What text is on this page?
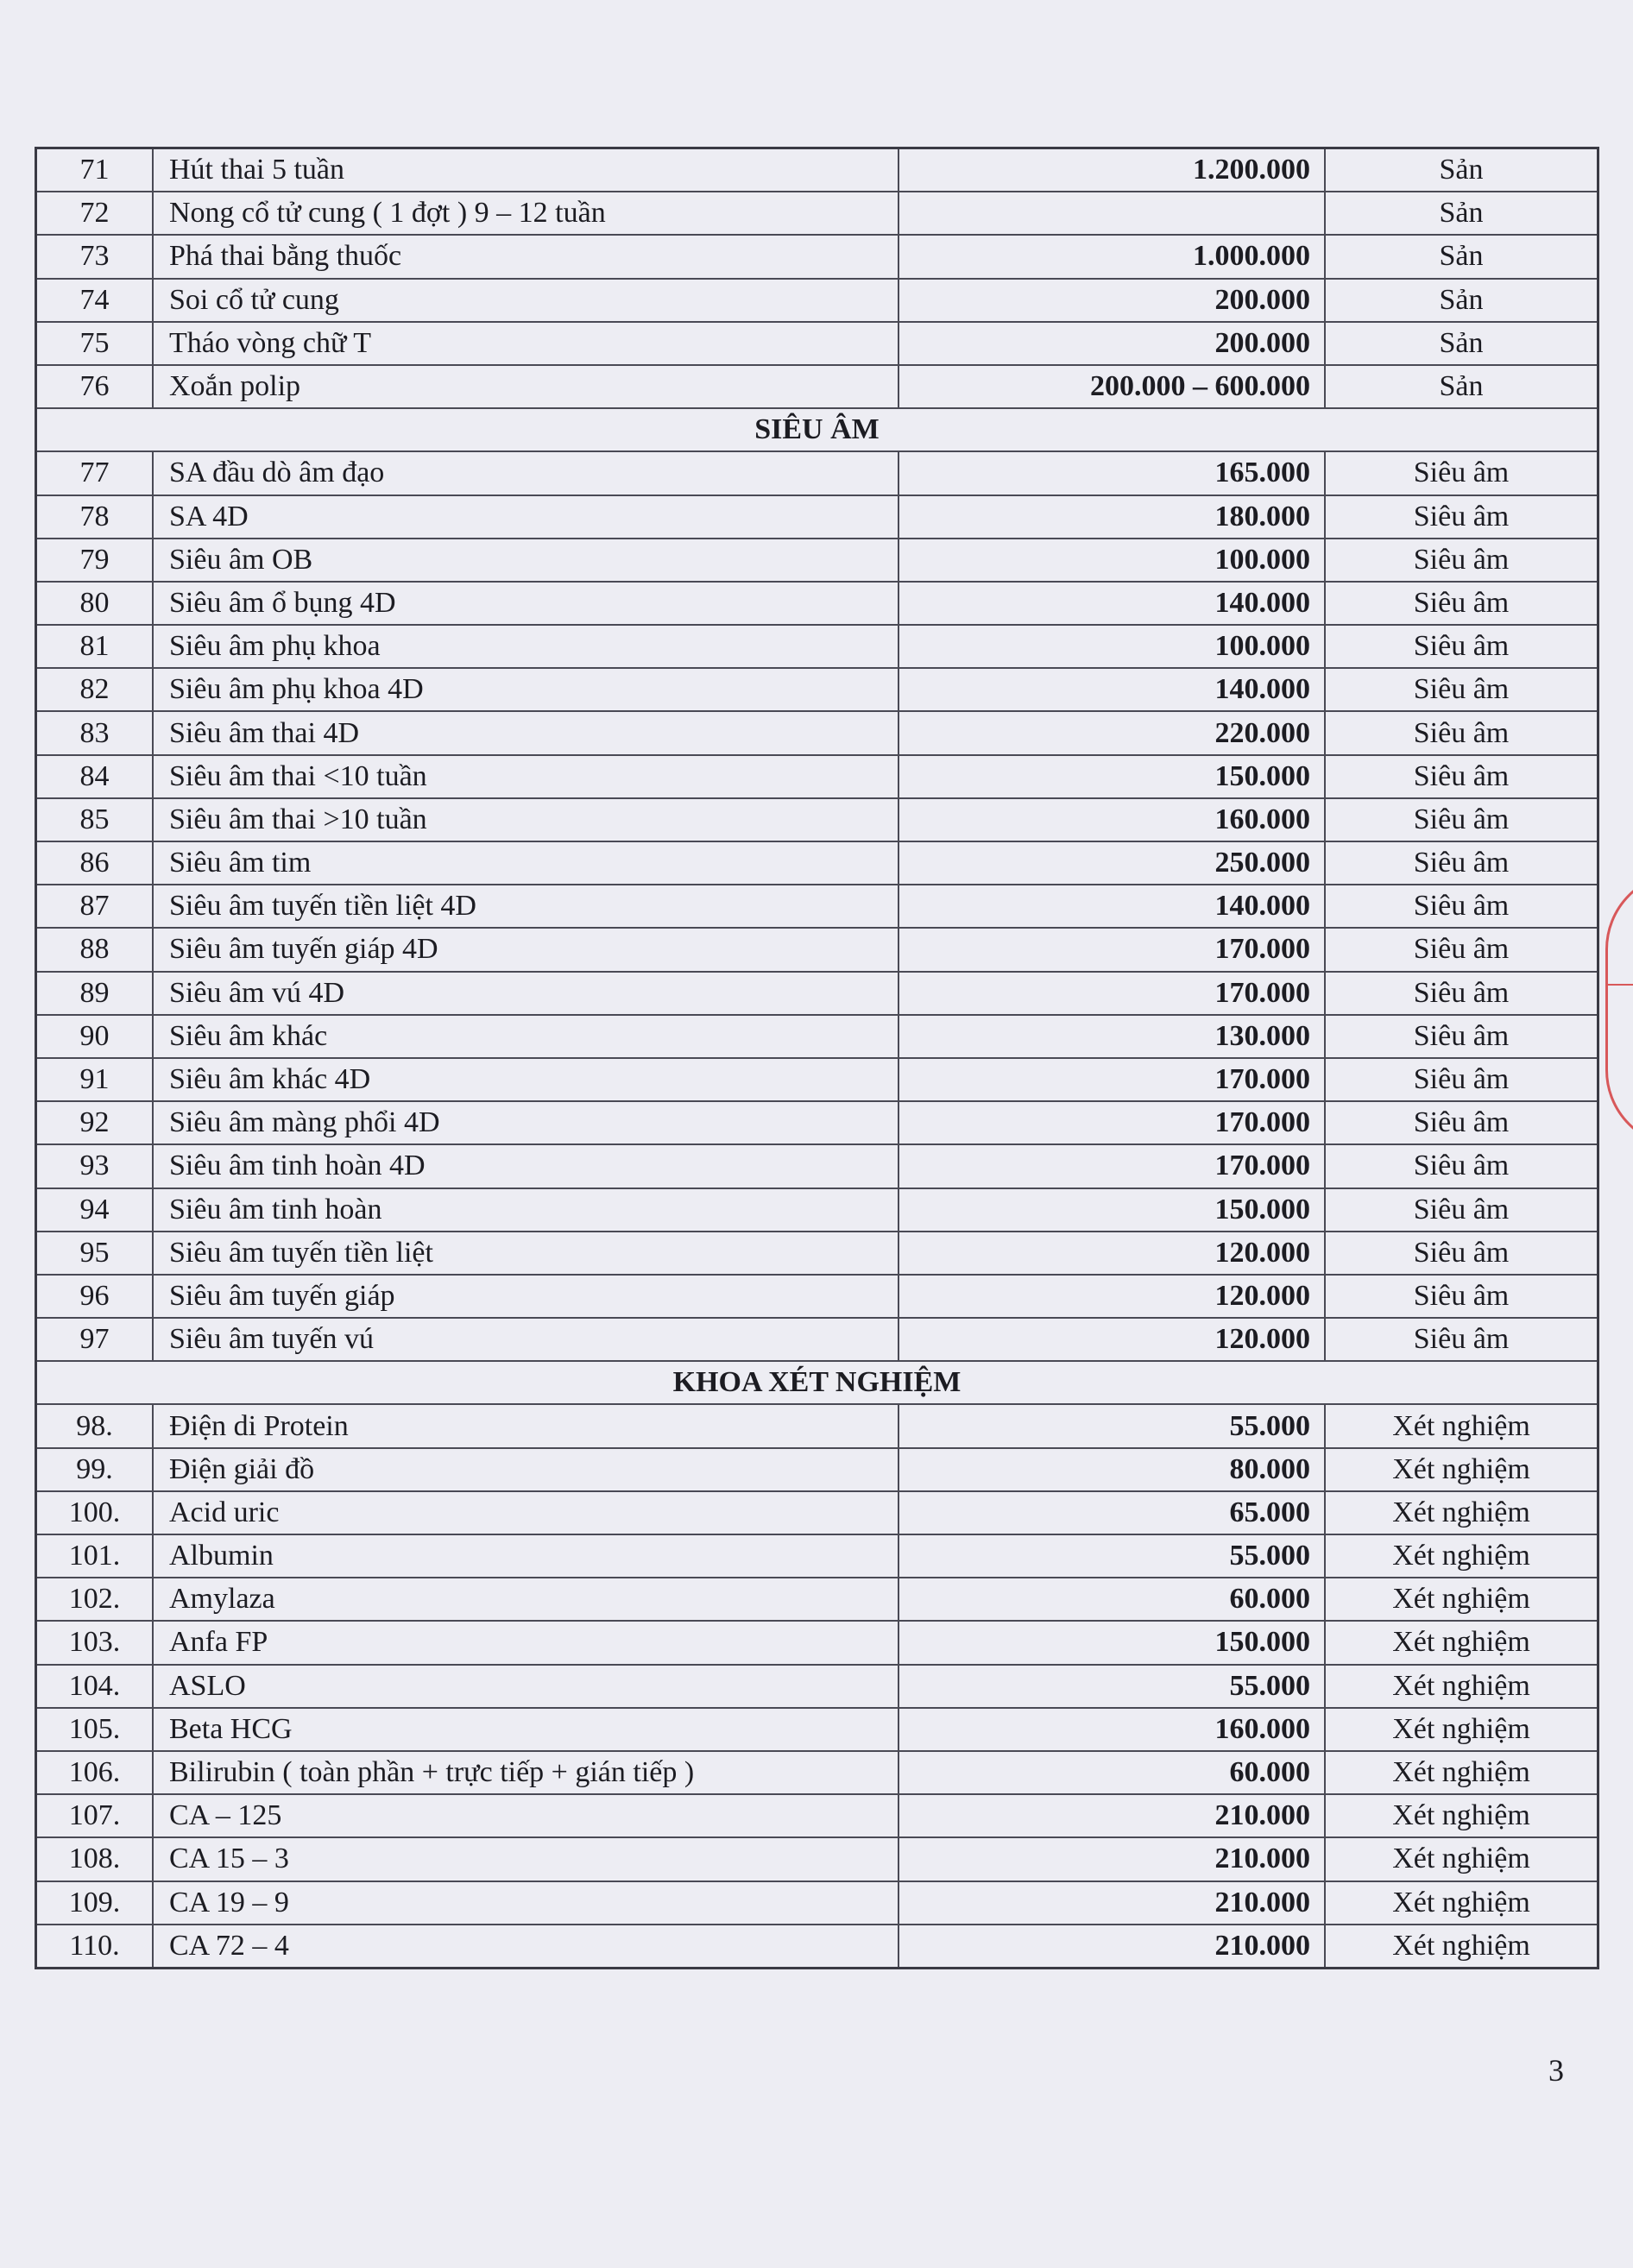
71	Hút thai 5 tuần	1.200.000	Sản
72	Nong cổ tử cung ( 1 đợt ) 9 – 12 tuần		Sản
73	Phá thai bằng thuốc	1.000.000	Sản
74	Soi cổ tử cung	200.000	Sản
75	Tháo vòng chữ T	200.000	Sản
76	Xoắn polip	200.000 – 600.000	Sản
SIÊU ÂM			
77	SA đầu dò âm đạo	165.000	Siêu âm
78	SA 4D	180.000	Siêu âm
79	Siêu âm OB	100.000	Siêu âm
80	Siêu âm ổ bụng 4D	140.000	Siêu âm
81	Siêu âm phụ khoa	100.000	Siêu âm
82	Siêu âm phụ khoa 4D	140.000	Siêu âm
83	Siêu âm thai 4D	220.000	Siêu âm
84	Siêu âm thai <10 tuần	150.000	Siêu âm
85	Siêu âm thai >10 tuần	160.000	Siêu âm
86	Siêu âm tim	250.000	Siêu âm
87	Siêu âm tuyến tiền liệt 4D	140.000	Siêu âm
88	Siêu âm tuyến giáp 4D	170.000	Siêu âm
89	Siêu âm vú 4D	170.000	Siêu âm
90	Siêu âm khác	130.000	Siêu âm
91	Siêu âm khác 4D	170.000	Siêu âm
92	Siêu âm màng phổi 4D	170.000	Siêu âm
93	Siêu âm tinh hoàn 4D	170.000	Siêu âm
94	Siêu âm tinh hoàn	150.000	Siêu âm
95	Siêu âm tuyến tiền liệt	120.000	Siêu âm
96	Siêu âm tuyến giáp	120.000	Siêu âm
97	Siêu âm tuyến vú	120.000	Siêu âm
KHOA XÉT NGHIỆM			
98.	Điện di Protein	55.000	Xét nghiệm
99.	Điện giải đồ	80.000	Xét nghiệm
100.	Acid uric	65.000	Xét nghiệm
101.	Albumin	55.000	Xét nghiệm
102.	Amylaza	60.000	Xét nghiệm
103.	Anfa FP	150.000	Xét nghiệm
104.	ASLO	55.000	Xét nghiệm
105.	Beta HCG	160.000	Xét nghiệm
106.	Bilirubin ( toàn phần + trực tiếp + gián tiếp )	60.000	Xét nghiệm
107.	CA – 125	210.000	Xét nghiệm
108.	CA 15 – 3	210.000	Xét nghiệm
109.	CA 19 – 9	210.000	Xét nghiệm
110.	CA 72 – 4	210.000	Xét nghiệm
3
